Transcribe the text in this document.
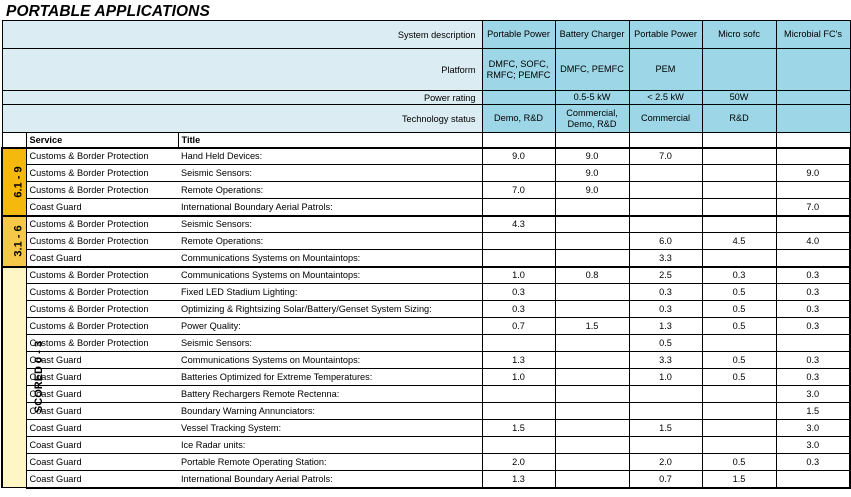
PORTABLE APPLICATIONS
System description			Portable Power	Battery Charger	Portable Power	Micro sofc	Microbial FC's
Platform			DMFC, SOFC, RMFC; PEMFC	DMFC, PEMFC	PEM		
Power rating				0.5-5 kW	< 2.5 kW	50W	
Technology status			Demo, R&D	Commercial, Demo, R&D	Commercial	R&D	
	Service	Title					
6.1 - 9	Customs & Border Protection	Hand Held Devices:	9.0	9.0	7.0		
	Customs & Border Protection	Seismic Sensors:		9.0			9.0
	Customs & Border Protection	Remote Operations:	7.0	9.0			
	Coast Guard	International Boundary Aerial Patrols:					7.0
3.1 - 6	Customs & Border Protection	Seismic Sensors:	4.3				
	Customs & Border Protection	Remote Operations:			6.0	4.5	4.0
	Coast Guard	Communications Systems on Mountaintops:			3.3		
SCORED 0 - 3	Customs & Border Protection	Communications Systems on Mountaintops:	1.0	0.8	2.5	0.3	0.3
	Customs & Border Protection	Fixed LED Stadium Lighting:	0.3		0.3	0.5	0.3
	Customs & Border Protection	Optimizing & Rightsizing Solar/Battery/Genset System Sizing:	0.3		0.3	0.5	0.3
	Customs & Border Protection	Power Quality:	0.7	1.5	1.3	0.5	0.3
	Customs & Border Protection	Seismic Sensors:			0.5		
	Coast Guard	Communications Systems on Mountaintops:	1.3		3.3	0.5	0.3
	Coast Guard	Batteries Optimized for Extreme Temperatures:	1.0		1.0	0.5	0.3
	Coast Guard	Battery Rechargers Remote Rectenna:					3.0
	Coast Guard	Boundary Warning Annunciators:					1.5
	Coast Guard	Vessel Tracking System:	1.5		1.5		3.0
	Coast Guard	Ice Radar units:					3.0
	Coast Guard	Portable Remote Operating Station:	2.0		2.0	0.5	0.3
	Coast Guard	International Boundary Aerial Patrols:	1.3		0.7	1.5	
